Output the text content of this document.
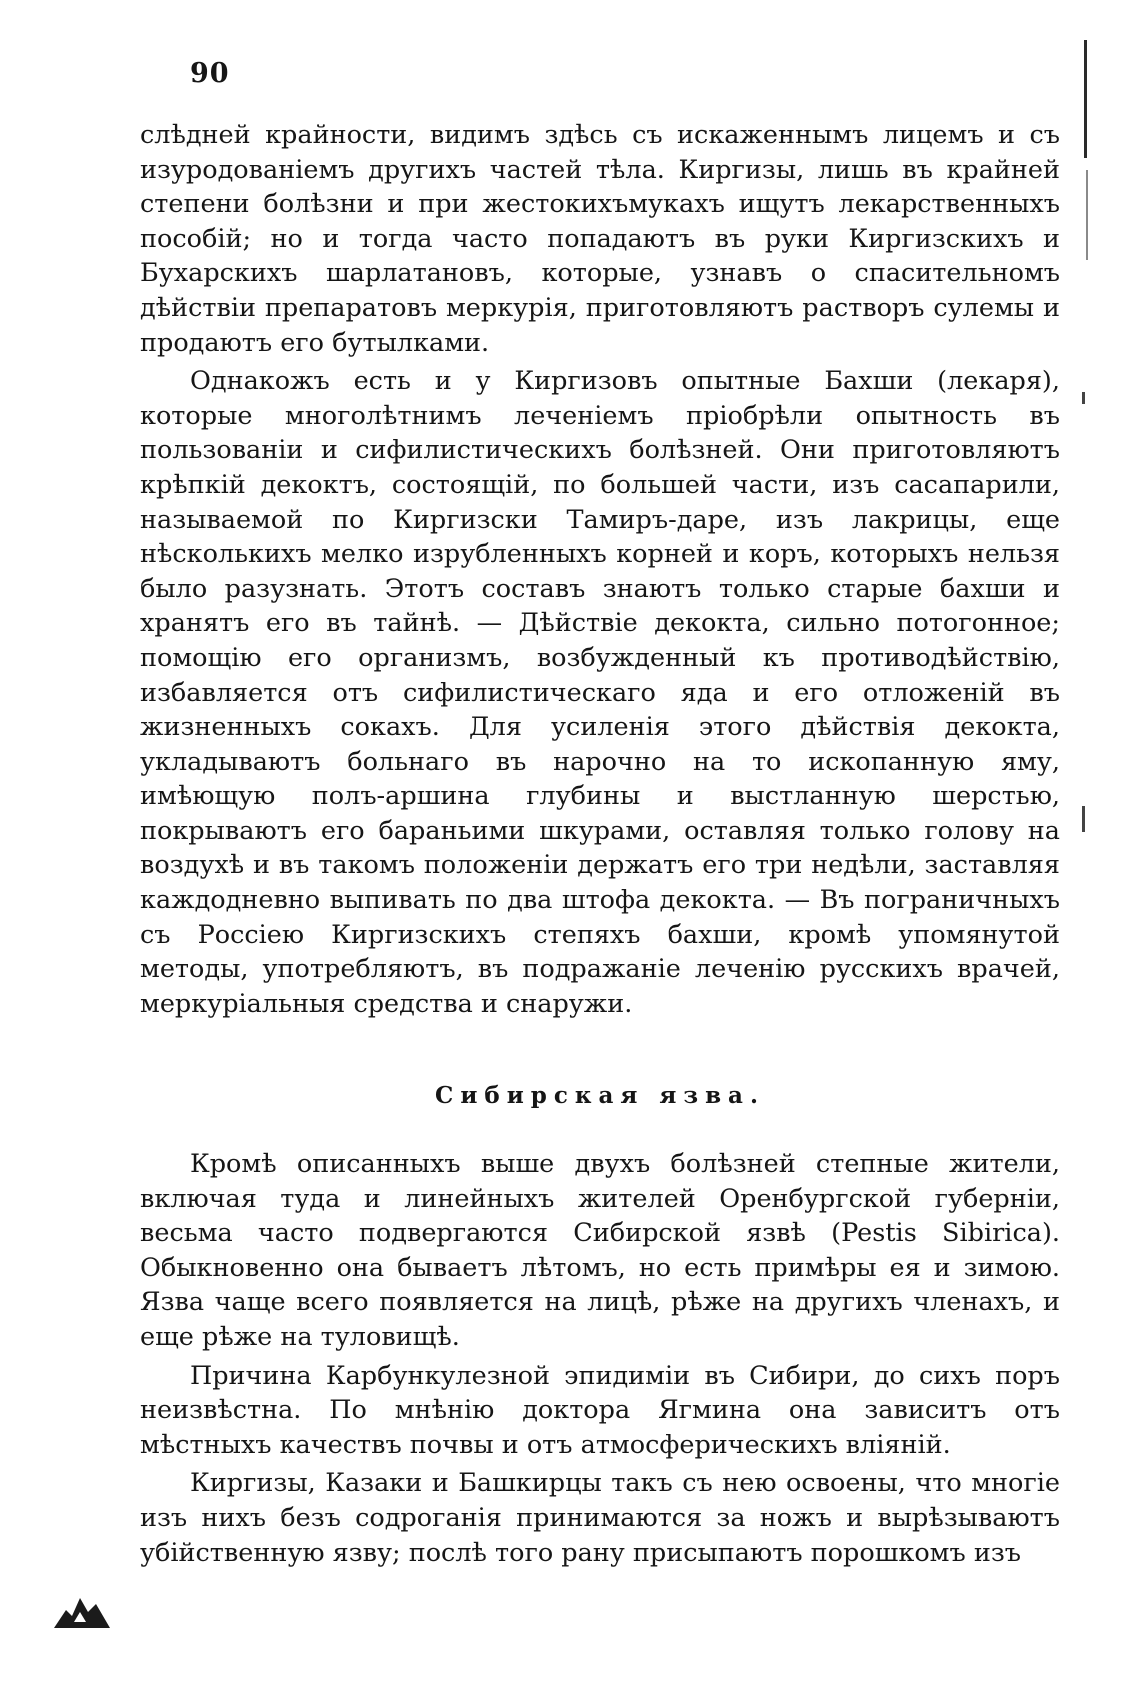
90

слѣдней крайности, видимъ здѣсь съ искаженнымъ лицемъ и съ изуродованіемъ другихъ частей тѣла. Киргизы, лишь въ крайней степени болѣзни и при жестокихъмукахъ ищутъ лекарственныхъ пособій; но и тогда часто попадаютъ въ руки Киргизскихъ и Бухарскихъ шарлатановъ, которые, узнавъ о спасительномъ дѣйствіи препаратовъ меркурія, приготовляютъ растворъ сулемы и продаютъ его бутылками.

Однакожъ есть и у Киргизовъ опытные Бахши (лекаря), которые многолѣтнимъ леченіемъ пріобрѣли опытность въ пользованіи и сифилистическихъ болѣзней. Они приготовляютъ крѣпкій декоктъ, состоящій, по большей части, изъ сасапарили, называемой по Киргизски Тамиръ-даре, изъ лакрицы, еще нѣсколькихъ мелко изрубленныхъ корней и коръ, которыхъ нельзя было разузнать. Этотъ составъ знаютъ только старые бахши и хранятъ его въ тайнѣ. — Дѣйствіе декокта, сильно потогонное; помощію его организмъ, возбужденный къ противодѣйствію, избавляется отъ сифилистическаго яда и его отложеній въ жизненныхъ сокахъ. Для усиленія этого дѣйствія декокта, укладываютъ больнаго въ нарочно на то ископанную яму, имѣющую полъ-аршина глубины и выстланную шерстью, покрываютъ его бараньими шкурами, оставляя только голову на воздухѣ и въ такомъ положеніи держатъ его три недѣли, заставляя каждодневно выпивать по два штофа декокта. — Въ пограничныхъ съ Россіею Киргизскихъ степяхъ бахши, кромѣ упомянутой методы, употребляютъ, въ подражаніе леченію русскихъ врачей, меркуріальныя средства и снаружи.

Сибирская язва.

Кромѣ описанныхъ выше двухъ болѣзней степные жители, включая туда и линейныхъ жителей Оренбургской губерніи, весьма часто подвергаются Сибирской язвѣ (Pestis Sibirica). Обыкновенно она бываетъ лѣтомъ, но есть примѣры ея и зимою. Язва чаще всего появляется на лицѣ, рѣже на другихъ членахъ, и еще рѣже на туловищѣ.

Причина Карбункулезной эпидиміи въ Сибири, до сихъ поръ неизвѣстна. По мнѣнію доктора Ягмина она зависитъ отъ мѣстныхъ качествъ почвы и отъ атмосферическихъ вліяній.

Киргизы, Казаки и Башкирцы такъ съ нею освоены, что многіе изъ нихъ безъ содроганія принимаются за ножъ и вырѣзываютъ убійственную язву; послѣ того рану присыпаютъ порошкомъ изъ
